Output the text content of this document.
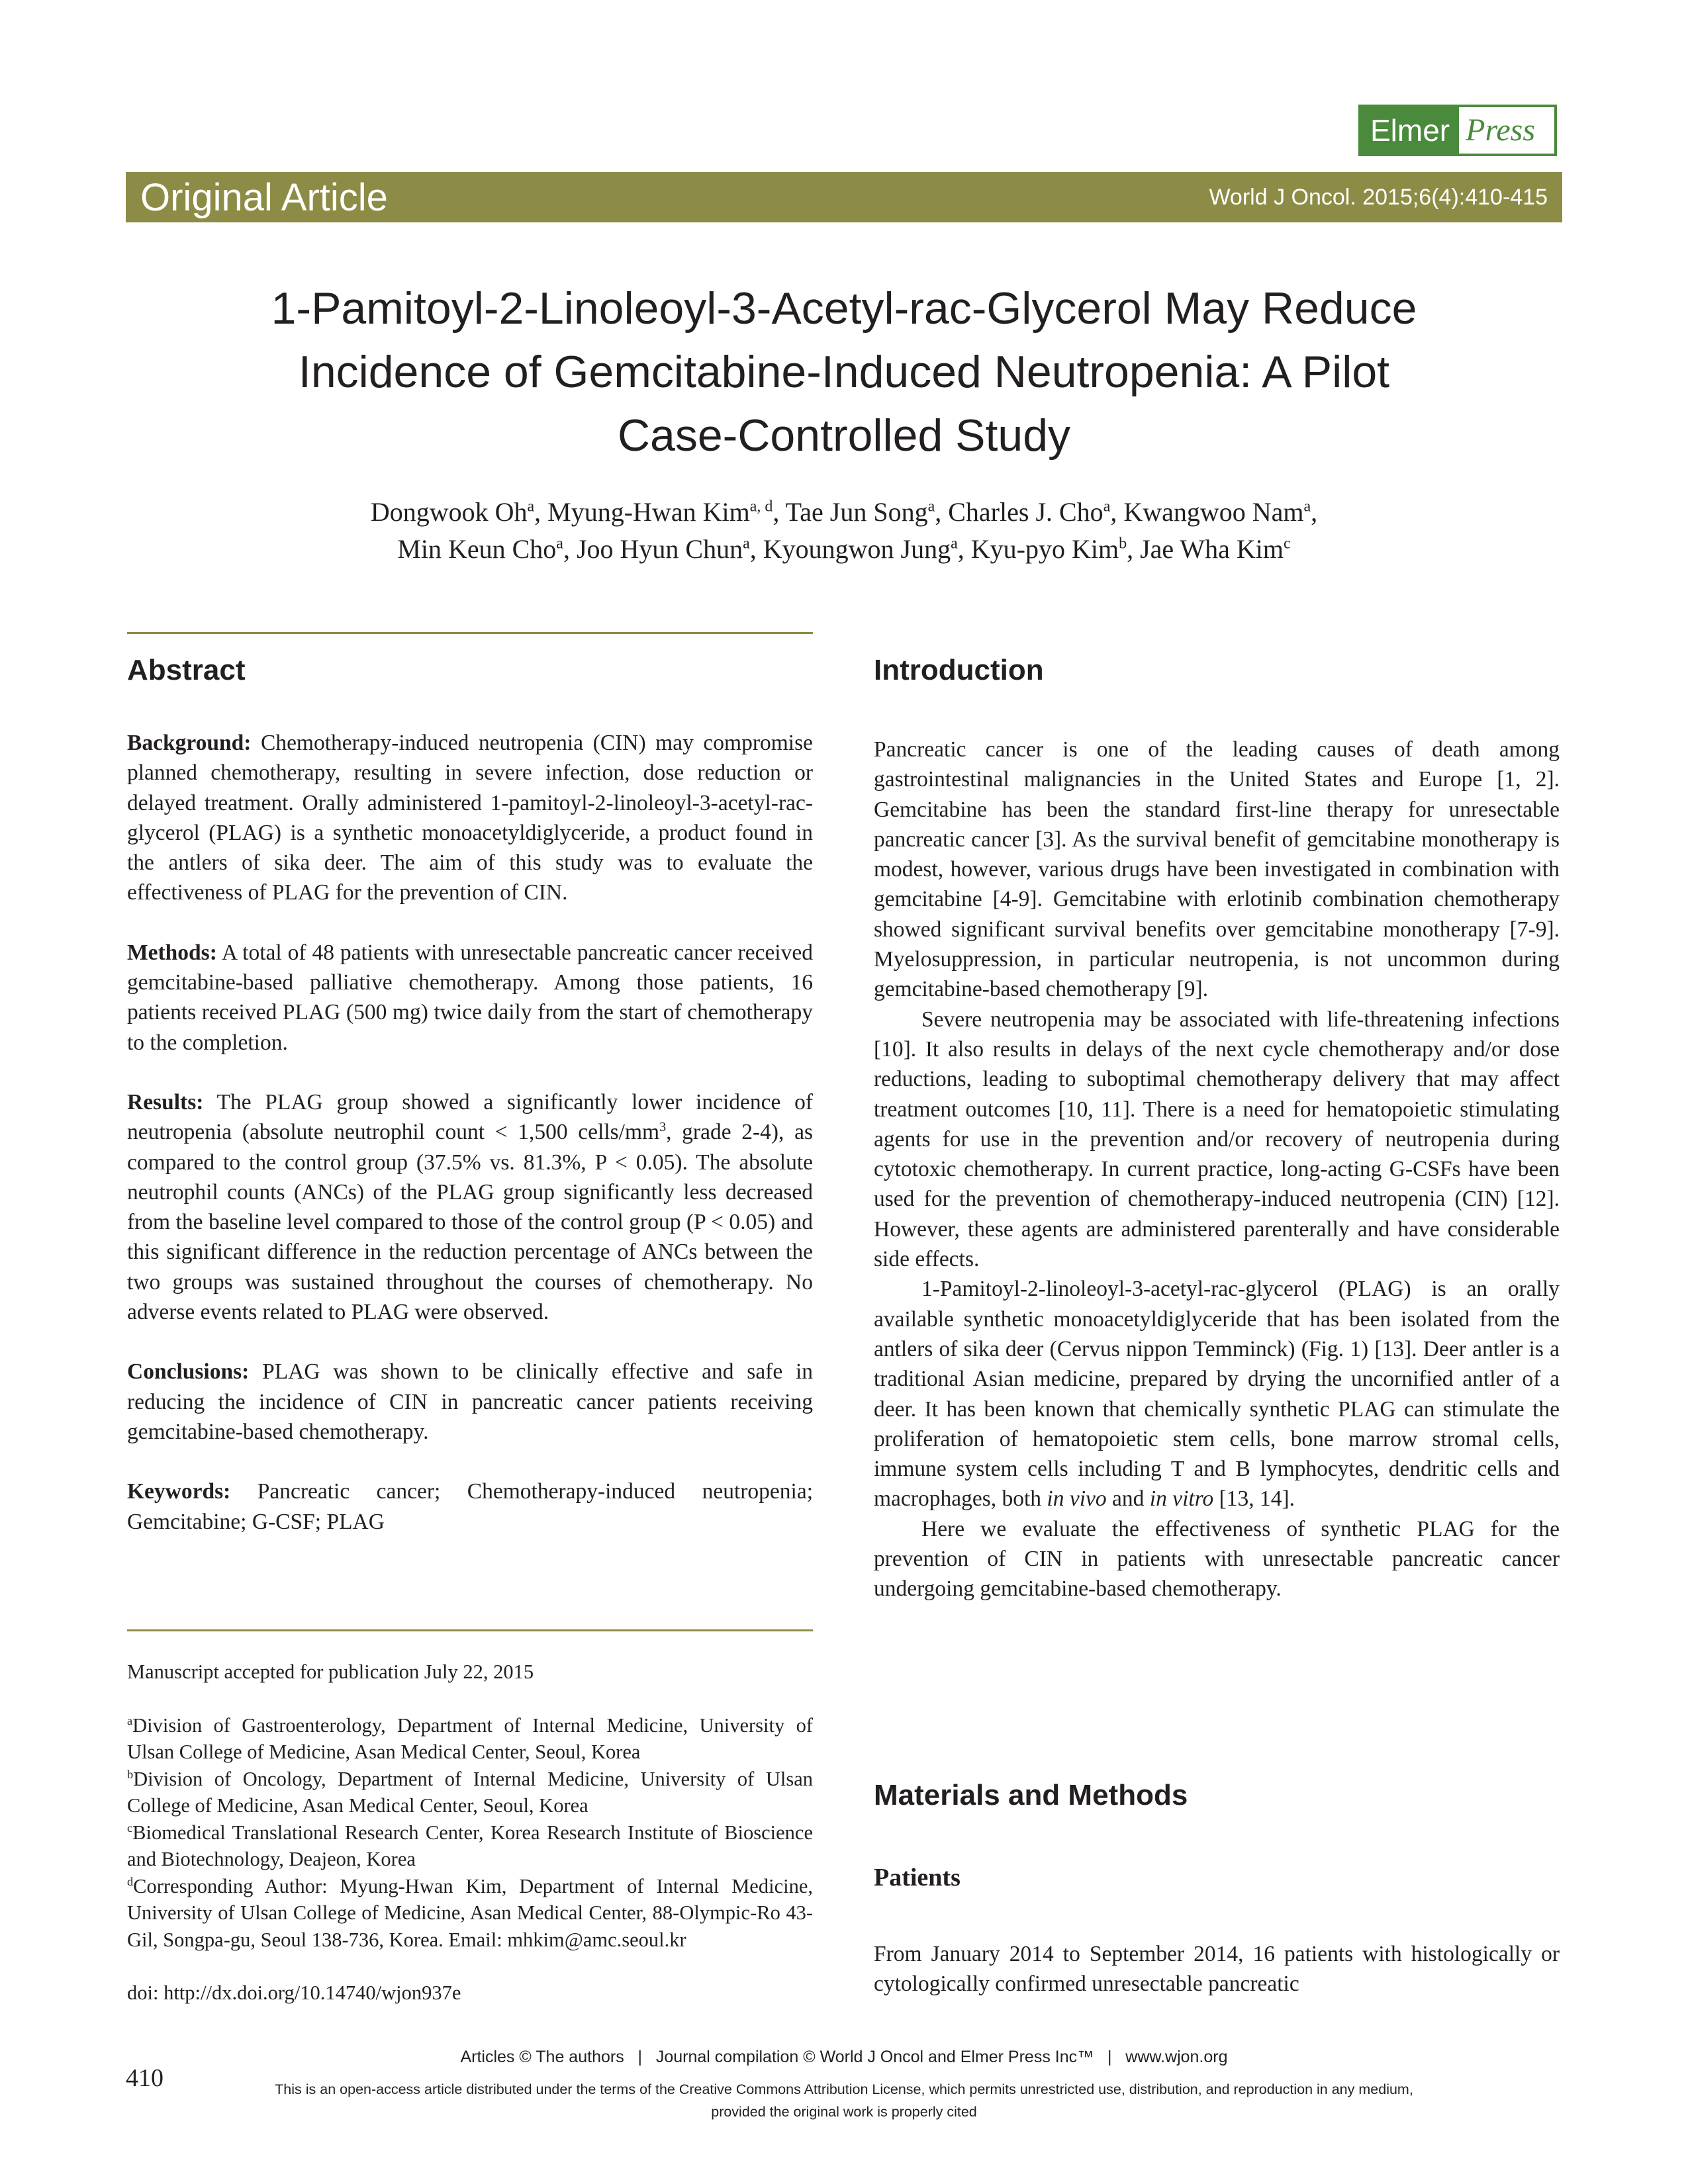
Elmer Press
Original Article	World J Oncol. 2015;6(4):410-415
1-Pamitoyl-2-Linoleoyl-3-Acetyl-rac-Glycerol May Reduce
Incidence of Gemcitabine-Induced Neutropenia: A Pilot
Case-Controlled Study
Dongwook Oh$^a$, Myung-Hwan Kim$^{a, d}$, Tae Jun Song$^a$, Charles J. Cho$^a$, Kwangwoo Nam$^a$,
Min Keun Cho$^a$, Joo Hyun Chun$^a$, Kyoungwon Jung$^a$, Kyu-pyo Kim$^b$, Jae Wha Kim$^c$
Abstract

Background: Chemotherapy-induced neutropenia (CIN) may compromise planned chemotherapy, resulting in severe infection, dose reduction or delayed treatment. Orally administered 1-pamitoyl-2-linoleoyl-3-acetyl-rac-glycerol (PLAG) is a synthetic monoacetyldiglyceride, a product found in the antlers of sika deer. The aim of this study was to evaluate the effectiveness of PLAG for the prevention of CIN.

Methods: A total of 48 patients with unresectable pancreatic cancer received gemcitabine-based palliative chemotherapy. Among those patients, 16 patients received PLAG (500 mg) twice daily from the start of chemotherapy to the completion.

Results: The PLAG group showed a significantly lower incidence of neutropenia (absolute neutrophil count < 1,500 cells/$mm^3$, grade 2-4), as compared to the control group (37.5% vs. 81.3%, P < 0.05). The absolute neutrophil counts (ANCs) of the PLAG group significantly less decreased from the baseline level compared to those of the control group (P < 0.05) and this significant difference in the reduction percentage of ANCs between the two groups was sustained throughout the courses of chemotherapy. No adverse events related to PLAG were observed.

Conclusions: PLAG was shown to be clinically effective and safe in reducing the incidence of CIN in pancreatic cancer patients receiving gemcitabine-based chemotherapy.

Keywords: Pancreatic cancer; Chemotherapy-induced neutropenia; Gemcitabine; G-CSF; PLAG

Manuscript accepted for publication July 22, 2015

$^a$Division of Gastroenterology, Department of Internal Medicine, University of Ulsan College of Medicine, Asan Medical Center, Seoul, Korea

$^b$Division of Oncology, Department of Internal Medicine, University of Ulsan College of Medicine, Asan Medical Center, Seoul, Korea

$^c$Biomedical Translational Research Center, Korea Research Institute of Bioscience and Biotechnology, Deajeon, Korea

$^d$Corresponding Author: Myung-Hwan Kim, Department of Internal Medicine, University of Ulsan College of Medicine, Asan Medical Center, 88-Olympic-Ro 43-Gil, Songpa-gu, Seoul 138-736, Korea. Email: mhkim@amc.seoul.kr

doi: http://dx.doi.org/10.14740/wjon937e

Introduction

Pancreatic cancer is one of the leading causes of death among gastrointestinal malignancies in the United States and Europe [1, 2]. Gemcitabine has been the standard first-line therapy for unresectable pancreatic cancer [3]. As the survival benefit of gemcitabine monotherapy is modest, however, various drugs have been investigated in combination with gemcitabine [4-9]. Gemcitabine with erlotinib combination chemotherapy showed significant survival benefits over gemcitabine monotherapy [7-9]. Myelosuppression, in particular neutropenia, is not uncommon during gemcitabine-based chemotherapy [9].

Severe neutropenia may be associated with life-threatening infections [10]. It also results in delays of the next cycle chemotherapy and/or dose reductions, leading to suboptimal chemotherapy delivery that may affect treatment outcomes [10, 11]. There is a need for hematopoietic stimulating agents for use in the prevention and/or recovery of neutropenia during cytotoxic chemotherapy. In current practice, long-acting G-CSFs have been used for the prevention of chemotherapy-induced neutropenia (CIN) [12]. However, these agents are administered parenterally and have considerable side effects.

1-Pamitoyl-2-linoleoyl-3-acetyl-rac-glycerol (PLAG) is an orally available synthetic monoacetyldiglyceride that has been isolated from the antlers of sika deer (Cervus nippon Temminck) (Fig. 1) [13]. Deer antler is a traditional Asian medicine, prepared by drying the uncornified antler of a deer. It has been known that chemically synthetic PLAG can stimulate the proliferation of hematopoietic stem cells, bone marrow stromal cells, immune system cells including T and B lymphocytes, dendritic cells and macrophages, both in vivo and in vitro [13, 14].

Here we evaluate the effectiveness of synthetic PLAG for the prevention of CIN in patients with unresectable pancreatic cancer undergoing gemcitabine-based chemotherapy.

Materials and Methods
Patients
From January 2014 to September 2014, 16 patients with histologically or cytologically confirmed unresectable pancreatic
Articles © The authors   |   Journal compilation © World J Oncol and Elmer Press Inc™   |   www.wjon.org
This is an open-access article distributed under the terms of the Creative Commons Attribution License, which permits unrestricted use, distribution, and reproduction in any medium, provided the original work is properly cited
410
